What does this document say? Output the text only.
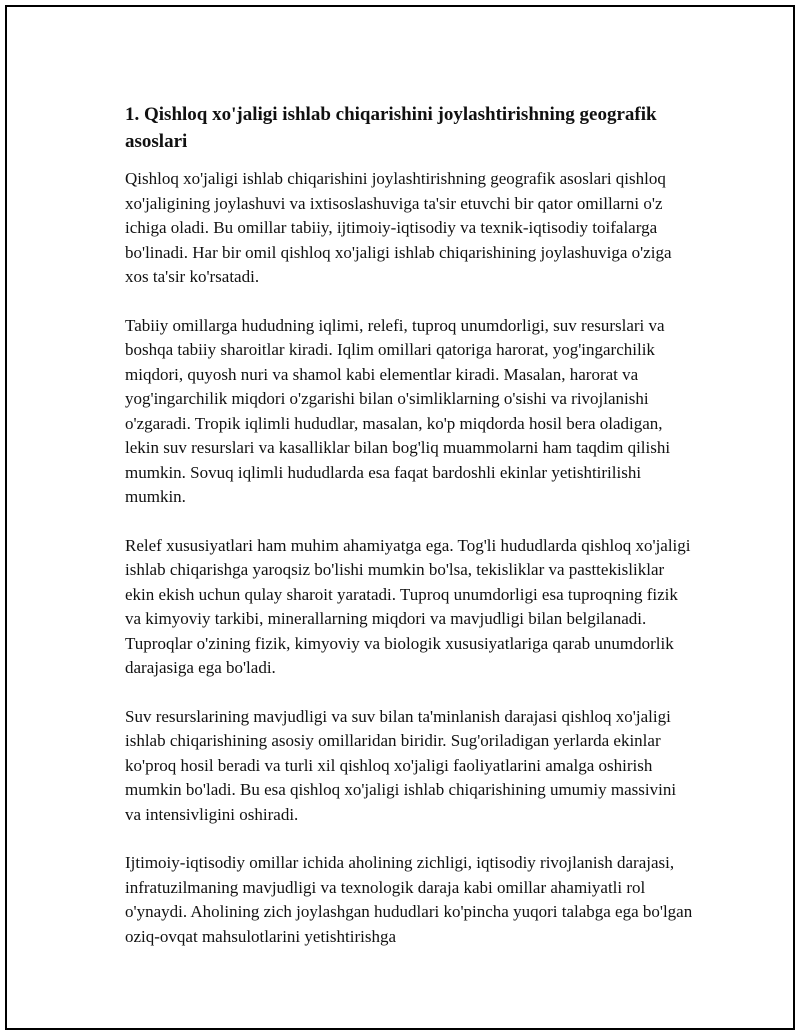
1. Qishloq xo'jaligi ishlab chiqarishini joylashtirishning geografik asoslari

Qishloq xo'jaligi ishlab chiqarishini joylashtirishning geografik asoslari qishloq xo'jaligining joylashuvi va ixtisoslashuviga ta'sir etuvchi bir qator omillarni o'z ichiga oladi. Bu omillar tabiiy, ijtimoiy-iqtisodiy va texnik-iqtisodiy toifalarga bo'linadi. Har bir omil qishloq xo'jaligi ishlab chiqarishining joylashuviga o'ziga xos ta'sir ko'rsatadi.

Tabiiy omillarga hududning iqlimi, relefi, tuproq unumdorligi, suv resurslari va boshqa tabiiy sharoitlar kiradi. Iqlim omillari qatoriga harorat, yog'ingarchilik miqdori, quyosh nuri va shamol kabi elementlar kiradi. Masalan, harorat va yog'ingarchilik miqdori o'zgarishi bilan o'simliklarning o'sishi va rivojlanishi o'zgaradi. Tropik iqlimli hududlar, masalan, ko'p miqdorda hosil bera oladigan, lekin suv resurslari va kasalliklar bilan bog'liq muammolarni ham taqdim qilishi mumkin. Sovuq iqlimli hududlarda esa faqat bardoshli ekinlar yetishtirilishi mumkin.

Relef xususiyatlari ham muhim ahamiyatga ega. Tog'li hududlarda qishloq xo'jaligi ishlab chiqarishga yaroqsiz bo'lishi mumkin bo'lsa, tekisliklar va pasttekisliklar ekin ekish uchun qulay sharoit yaratadi. Tuproq unumdorligi esa tuproqning fizik va kimyoviy tarkibi, minerallarning miqdori va mavjudligi bilan belgilanadi. Tuproqlar o'zining fizik, kimyoviy va biologik xususiyatlariga qarab unumdorlik darajasiga ega bo'ladi.

Suv resurslarining mavjudligi va suv bilan ta'minlanish darajasi qishloq xo'jaligi ishlab chiqarishining asosiy omillaridan biridir. Sug'oriladigan yerlarda ekinlar ko'proq hosil beradi va turli xil qishloq xo'jaligi faoliyatlarini amalga oshirish mumkin bo'ladi. Bu esa qishloq xo'jaligi ishlab chiqarishining umumiy massivini va intensivligini oshiradi.

Ijtimoiy-iqtisodiy omillar ichida aholining zichligi, iqtisodiy rivojlanish darajasi, infratuzilmaning mavjudligi va texnologik daraja kabi omillar ahamiyatli rol o'ynaydi. Aholining zich joylashgan hududlari ko'pincha yuqori talabga ega bo'lgan oziq-ovqat mahsulotlarini yetishtirishga
